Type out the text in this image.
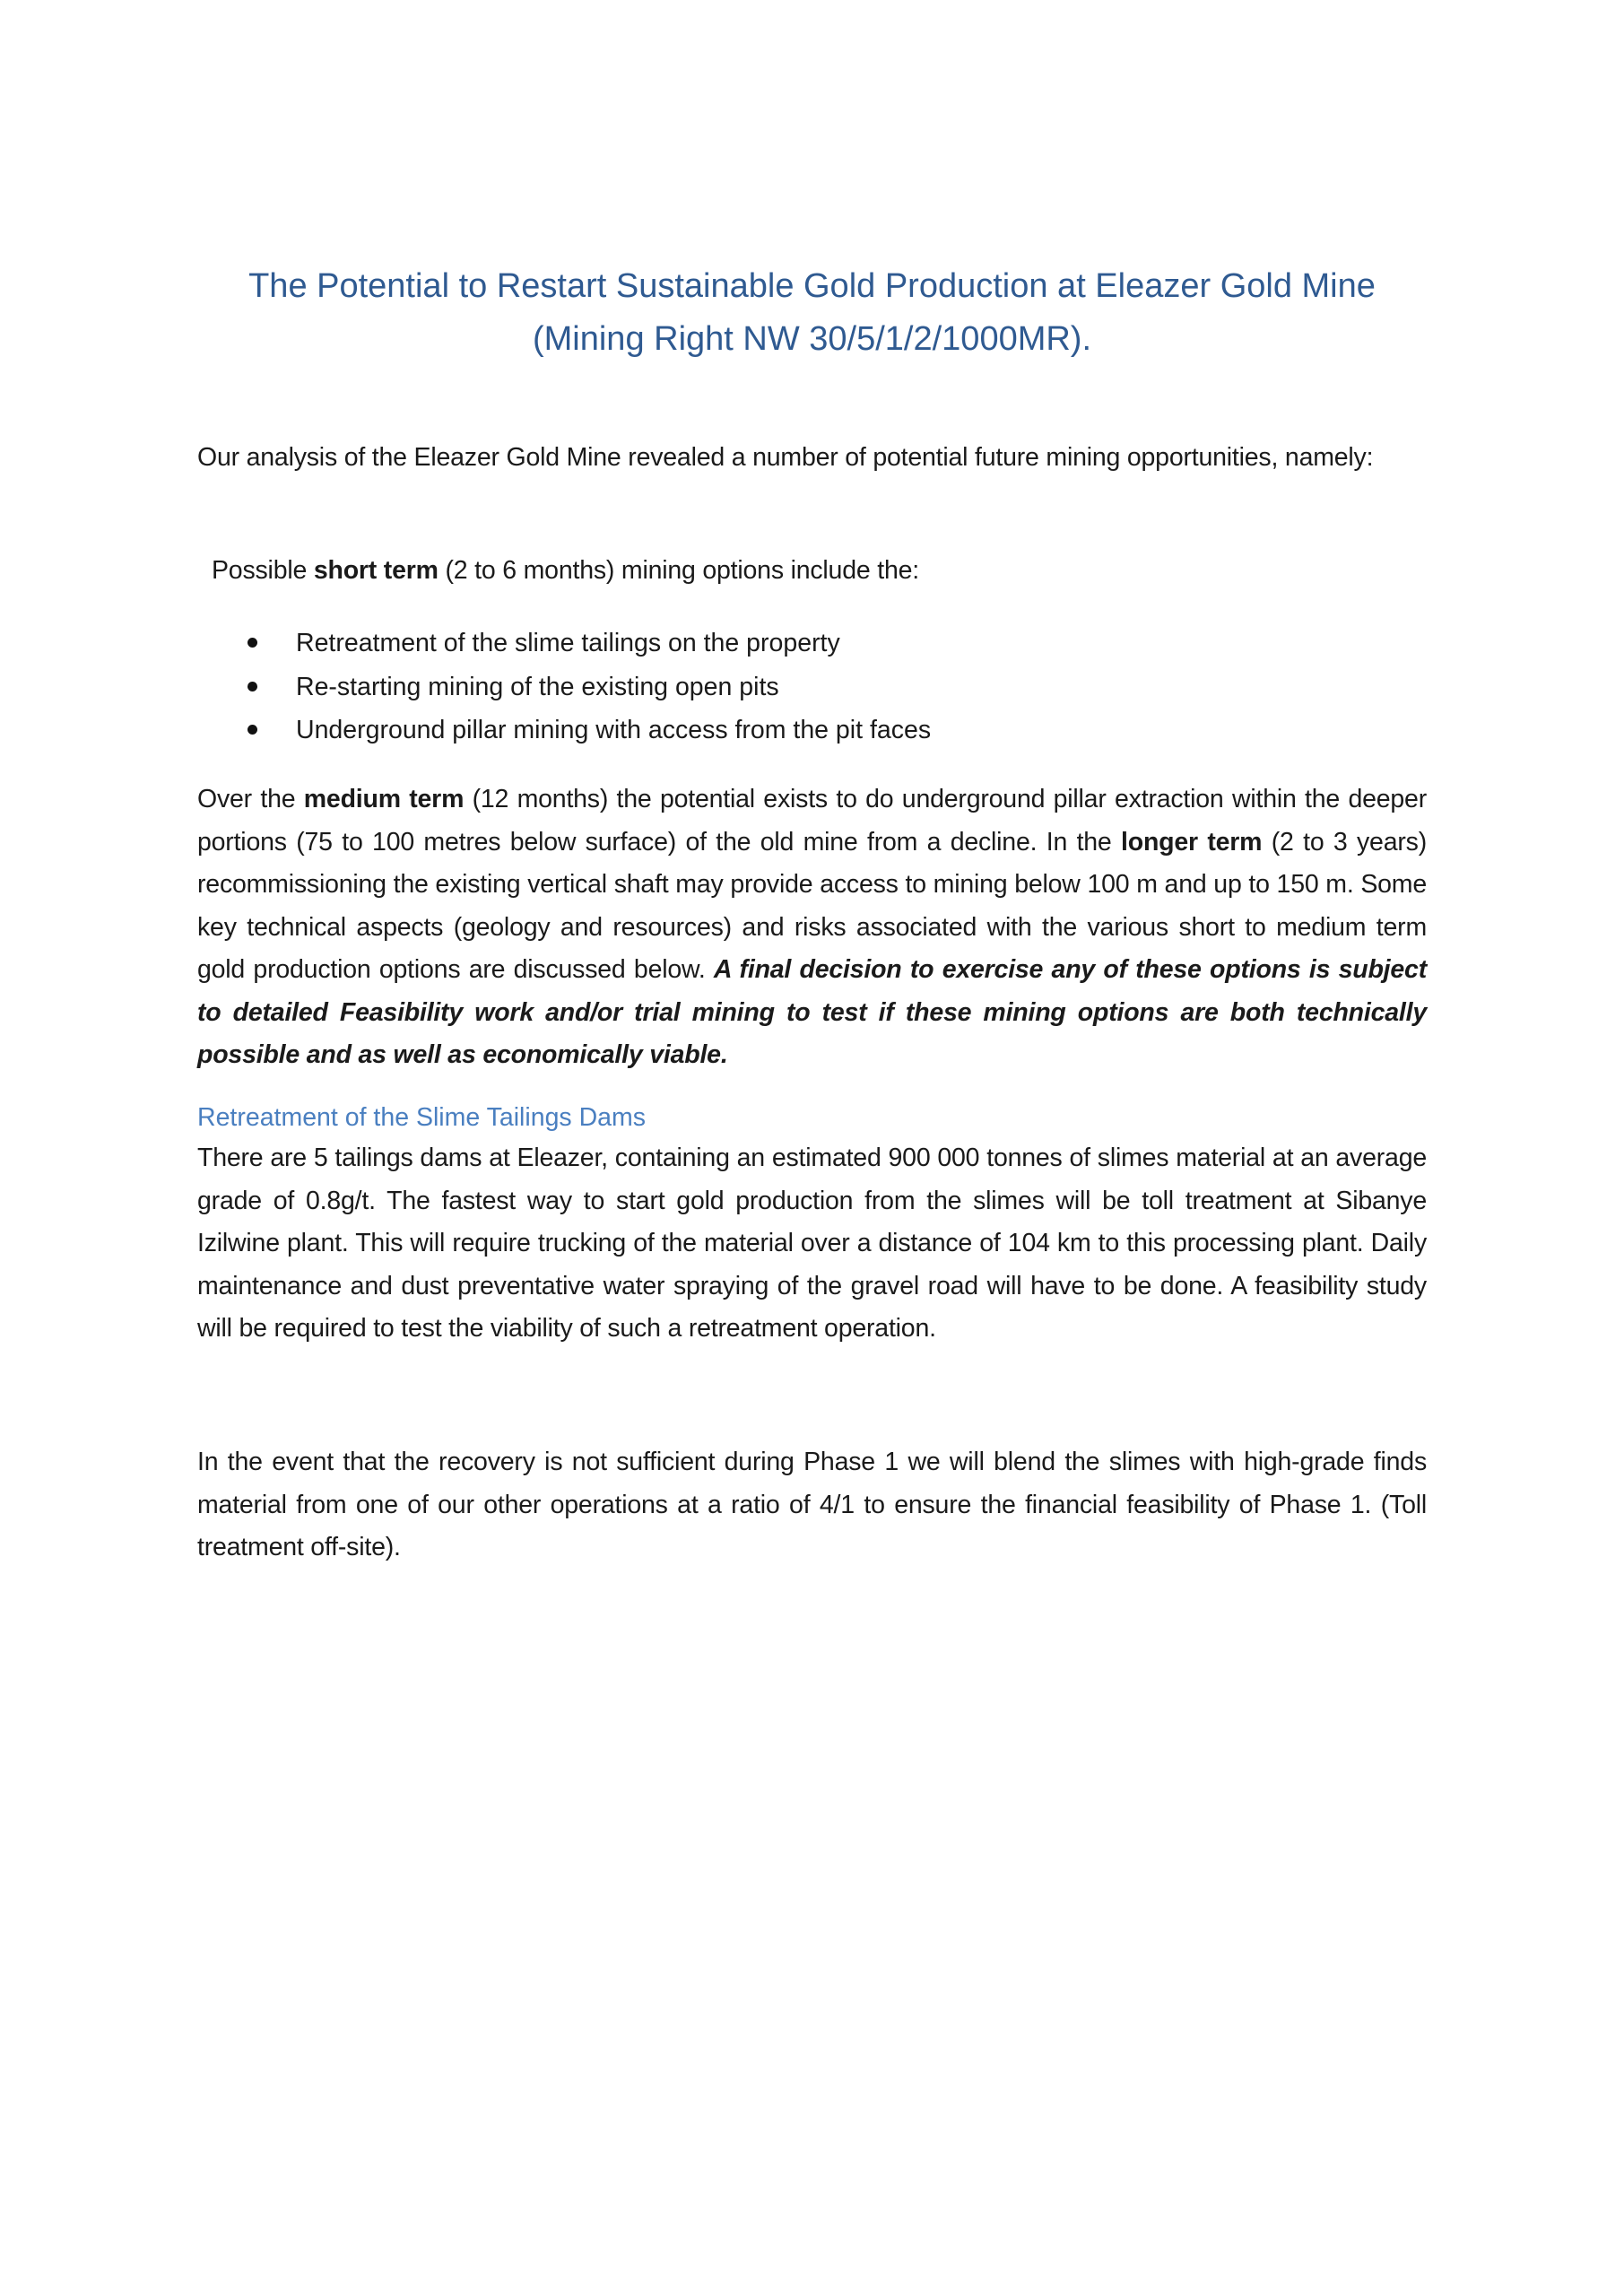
The Potential to Restart Sustainable Gold Production at Eleazer Gold Mine
(Mining Right NW 30/5/1/2/1000MR).

Our analysis of the Eleazer Gold Mine revealed a number of potential future mining opportunities, namely:

Possible short term (2 to 6 months) mining options include the:

Retreatment of the slime tailings on the property
Re-starting mining of the existing open pits
Underground pillar mining with access from the pit faces

Over the medium term (12 months) the potential exists to do underground pillar extraction within the deeper portions (75 to 100 metres below surface) of the old mine from a decline. In the longer term (2 to 3 years) recommissioning the existing vertical shaft may provide access to mining below 100 m and up to 150 m. Some key technical aspects (geology and resources) and risks associated with the various short to medium term gold production options are discussed below. A final decision to exercise any of these options is subject to detailed Feasibility work and/or trial mining to test if these mining options are both technically possible and as well as economically viable.

Retreatment of the Slime Tailings Dams

There are 5 tailings dams at Eleazer, containing an estimated 900 000 tonnes of slimes material at an average grade of 0.8g/t. The fastest way to start gold production from the slimes will be toll treatment at Sibanye Izilwine plant. This will require trucking of the material over a distance of 104 km to this processing plant. Daily maintenance and dust preventative water spraying of the gravel road will have to be done. A feasibility study will be required to test the viability of such a retreatment operation.

In the event that the recovery is not sufficient during Phase 1 we will blend the slimes with high-grade finds material from one of our other operations at a ratio of 4/1 to ensure the financial feasibility of Phase 1. (Toll treatment off-site).
